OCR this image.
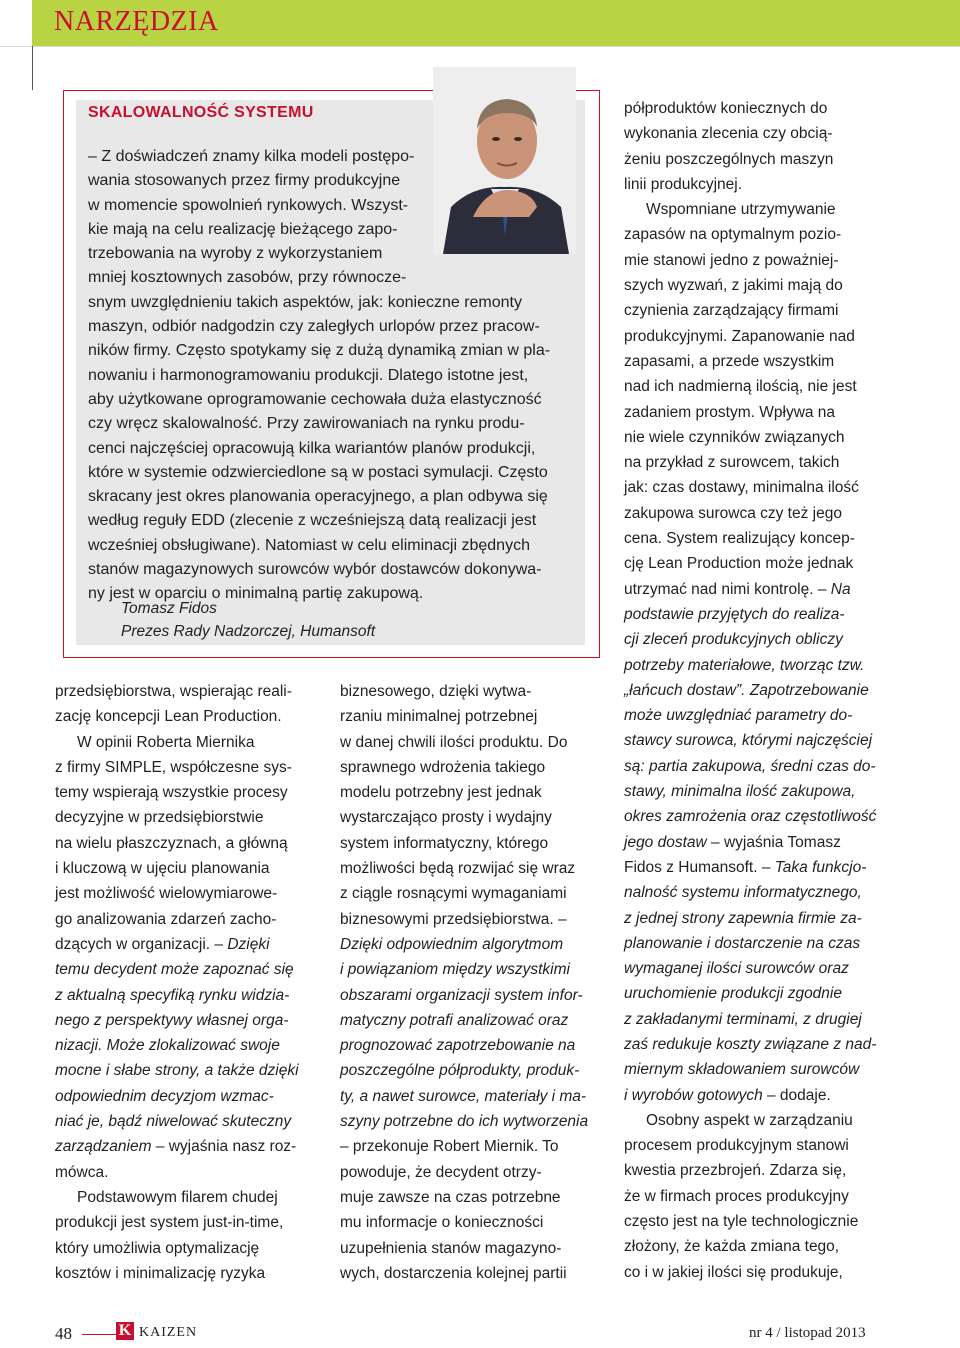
NARZĘDZIA
SKALOWALNOŚĆ SYSTEMU
– Z doświadczeń znamy kilka modeli postępo-
wania stosowanych przez firmy produkcyjne
w momencie spowolnień rynkowych. Wszyst-
kie mają na celu realizację bieżącego zapo-
trzebowania na wyroby z wykorzystaniem
mniej kosztownych zasobów, przy równocze-
snym uwzględnieniu takich aspektów, jak: konieczne remonty
maszyn, odbiór nadgodzin czy zaległych urlopów przez pracow-
ników firmy. Często spotykamy się z dużą dynamiką zmian w pla-
nowaniu i harmonogramowaniu produkcji. Dlatego istotne jest,
aby użytkowane oprogramowanie cechowała duża elastyczność
czy wręcz skalowalność. Przy zawirowaniach na rynku produ-
cenci najczęściej opracowują kilka wariantów planów produkcji,
które w systemie odzwierciedlone są w postaci symulacji. Często
skracany jest okres planowania operacyjnego, a plan odbywa się
według reguły EDD (zlecenie z wcześniejszą datą realizacji jest
wcześniej obsługiwane). Natomiast w celu eliminacji zbędnych
stanów magazynowych surowców wybór dostawców dokonywa-
ny jest w oparciu o minimalną partię zakupową.
Tomasz Fidos
Prezes Rady Nadzorczej, Humansoft
przedsiębiorstwa, wspierając reali-
zację koncepcji Lean Production.
W opinii Roberta Miernika
z firmy SIMPLE, współczesne sys-
temy wspierają wszystkie procesy
decyzyjne w przedsiębiorstwie
na wielu płaszczyznach, a główną
i kluczową w ujęciu planowania
jest możliwość wielowymiarowe-
go analizowania zdarzeń zacho-
dzących w organizacji. – Dzięki
temu decydent może zapoznać się
z aktualną specyfiką rynku widzia-
nego z perspektywy własnej orga-
nizacji. Może zlokalizować swoje
mocne i słabe strony, a także dzięki
odpowiednim decyzjom wzmac-
niać je, bądź niwelować skuteczny
zarządzaniem – wyjaśnia nasz roz-
mówca.
Podstawowym filarem chudej
produkcji jest system just-in-time,
który umożliwia optymalizację
kosztów i minimalizację ryzyka
biznesowego, dzięki wytwa-
rzaniu minimalnej potrzebnej
w danej chwili ilości produktu. Do
sprawnego wdrożenia takiego
modelu potrzebny jest jednak
wystarczająco prosty i wydajny
system informatyczny, którego
możliwości będą rozwijać się wraz
z ciągle rosnącymi wymaganiami
biznesowymi przedsiębiorstwa. –
Dzięki odpowiednim algorytmom
i powiązaniom między wszystkimi
obszarami organizacji system infor-
matyczny potrafi analizować oraz
prognozować zapotrzebowanie na
poszczególne półprodukty, produk-
ty, a nawet surowce, materiały i ma-
szyny potrzebne do ich wytworzenia
– przekonuje Robert Miernik. To
powoduje, że decydent otrzy-
muje zawsze na czas potrzebne
mu informacje o konieczności
uzupełnienia stanów magazyno-
wych, dostarczenia kolejnej partii
półproduktów koniecznych do
wykonania zlecenia czy obcią-
żeniu poszczególnych maszyn
linii produkcyjnej.
Wspomniane utrzymywanie
zapasów na optymalnym pozio-
mie stanowi jedno z poważniej-
szych wyzwań, z jakimi mają do
czynienia zarządzający firmami
produkcyjnymi. Zapanowanie nad
zapasami, a przede wszystkim
nad ich nadmierną ilością, nie jest
zadaniem prostym. Wpływa na
nie wiele czynników związanych
na przykład z surowcem, takich
jak: czas dostawy, minimalna ilość
zakupowa surowca czy też jego
cena. System realizujący koncep-
cję Lean Production może jednak
utrzymać nad nimi kontrolę. – Na
podstawie przyjętych do realiza-
cji zleceń produkcyjnych obliczy
potrzeby materiałowe, tworząc tzw.
„łańcuch dostaw”. Zapotrzebowanie
może uwzględniać parametry do-
stawcy surowca, którymi najczęściej
są: partia zakupowa, średni czas do-
stawy, minimalna ilość zakupowa,
okres zamrożenia oraz częstotliwość
jego dostaw – wyjaśnia Tomasz
Fidos z Humansoft. – Taka funkcjo-
nalność systemu informatycznego,
z jednej strony zapewnia firmie za-
planowanie i dostarczenie na czas
wymaganej ilości surowców oraz
uruchomienie produkcji zgodnie
z zakładanymi terminami, z drugiej
zaś redukuje koszty związane z nad-
miernym składowaniem surowców
i wyrobów gotowych – dodaje.
Osobny aspekt w zarządzaniu
procesem produkcyjnym stanowi
kwestia przezbrojeń. Zdarza się,
że w firmach proces produkcyjny
często jest na tyle technologicznie
złożony, że każda zmiana tego,
co i w jakiej ilości się produkuje,
48	K KAIZEN	nr 4 / listopad 2013
